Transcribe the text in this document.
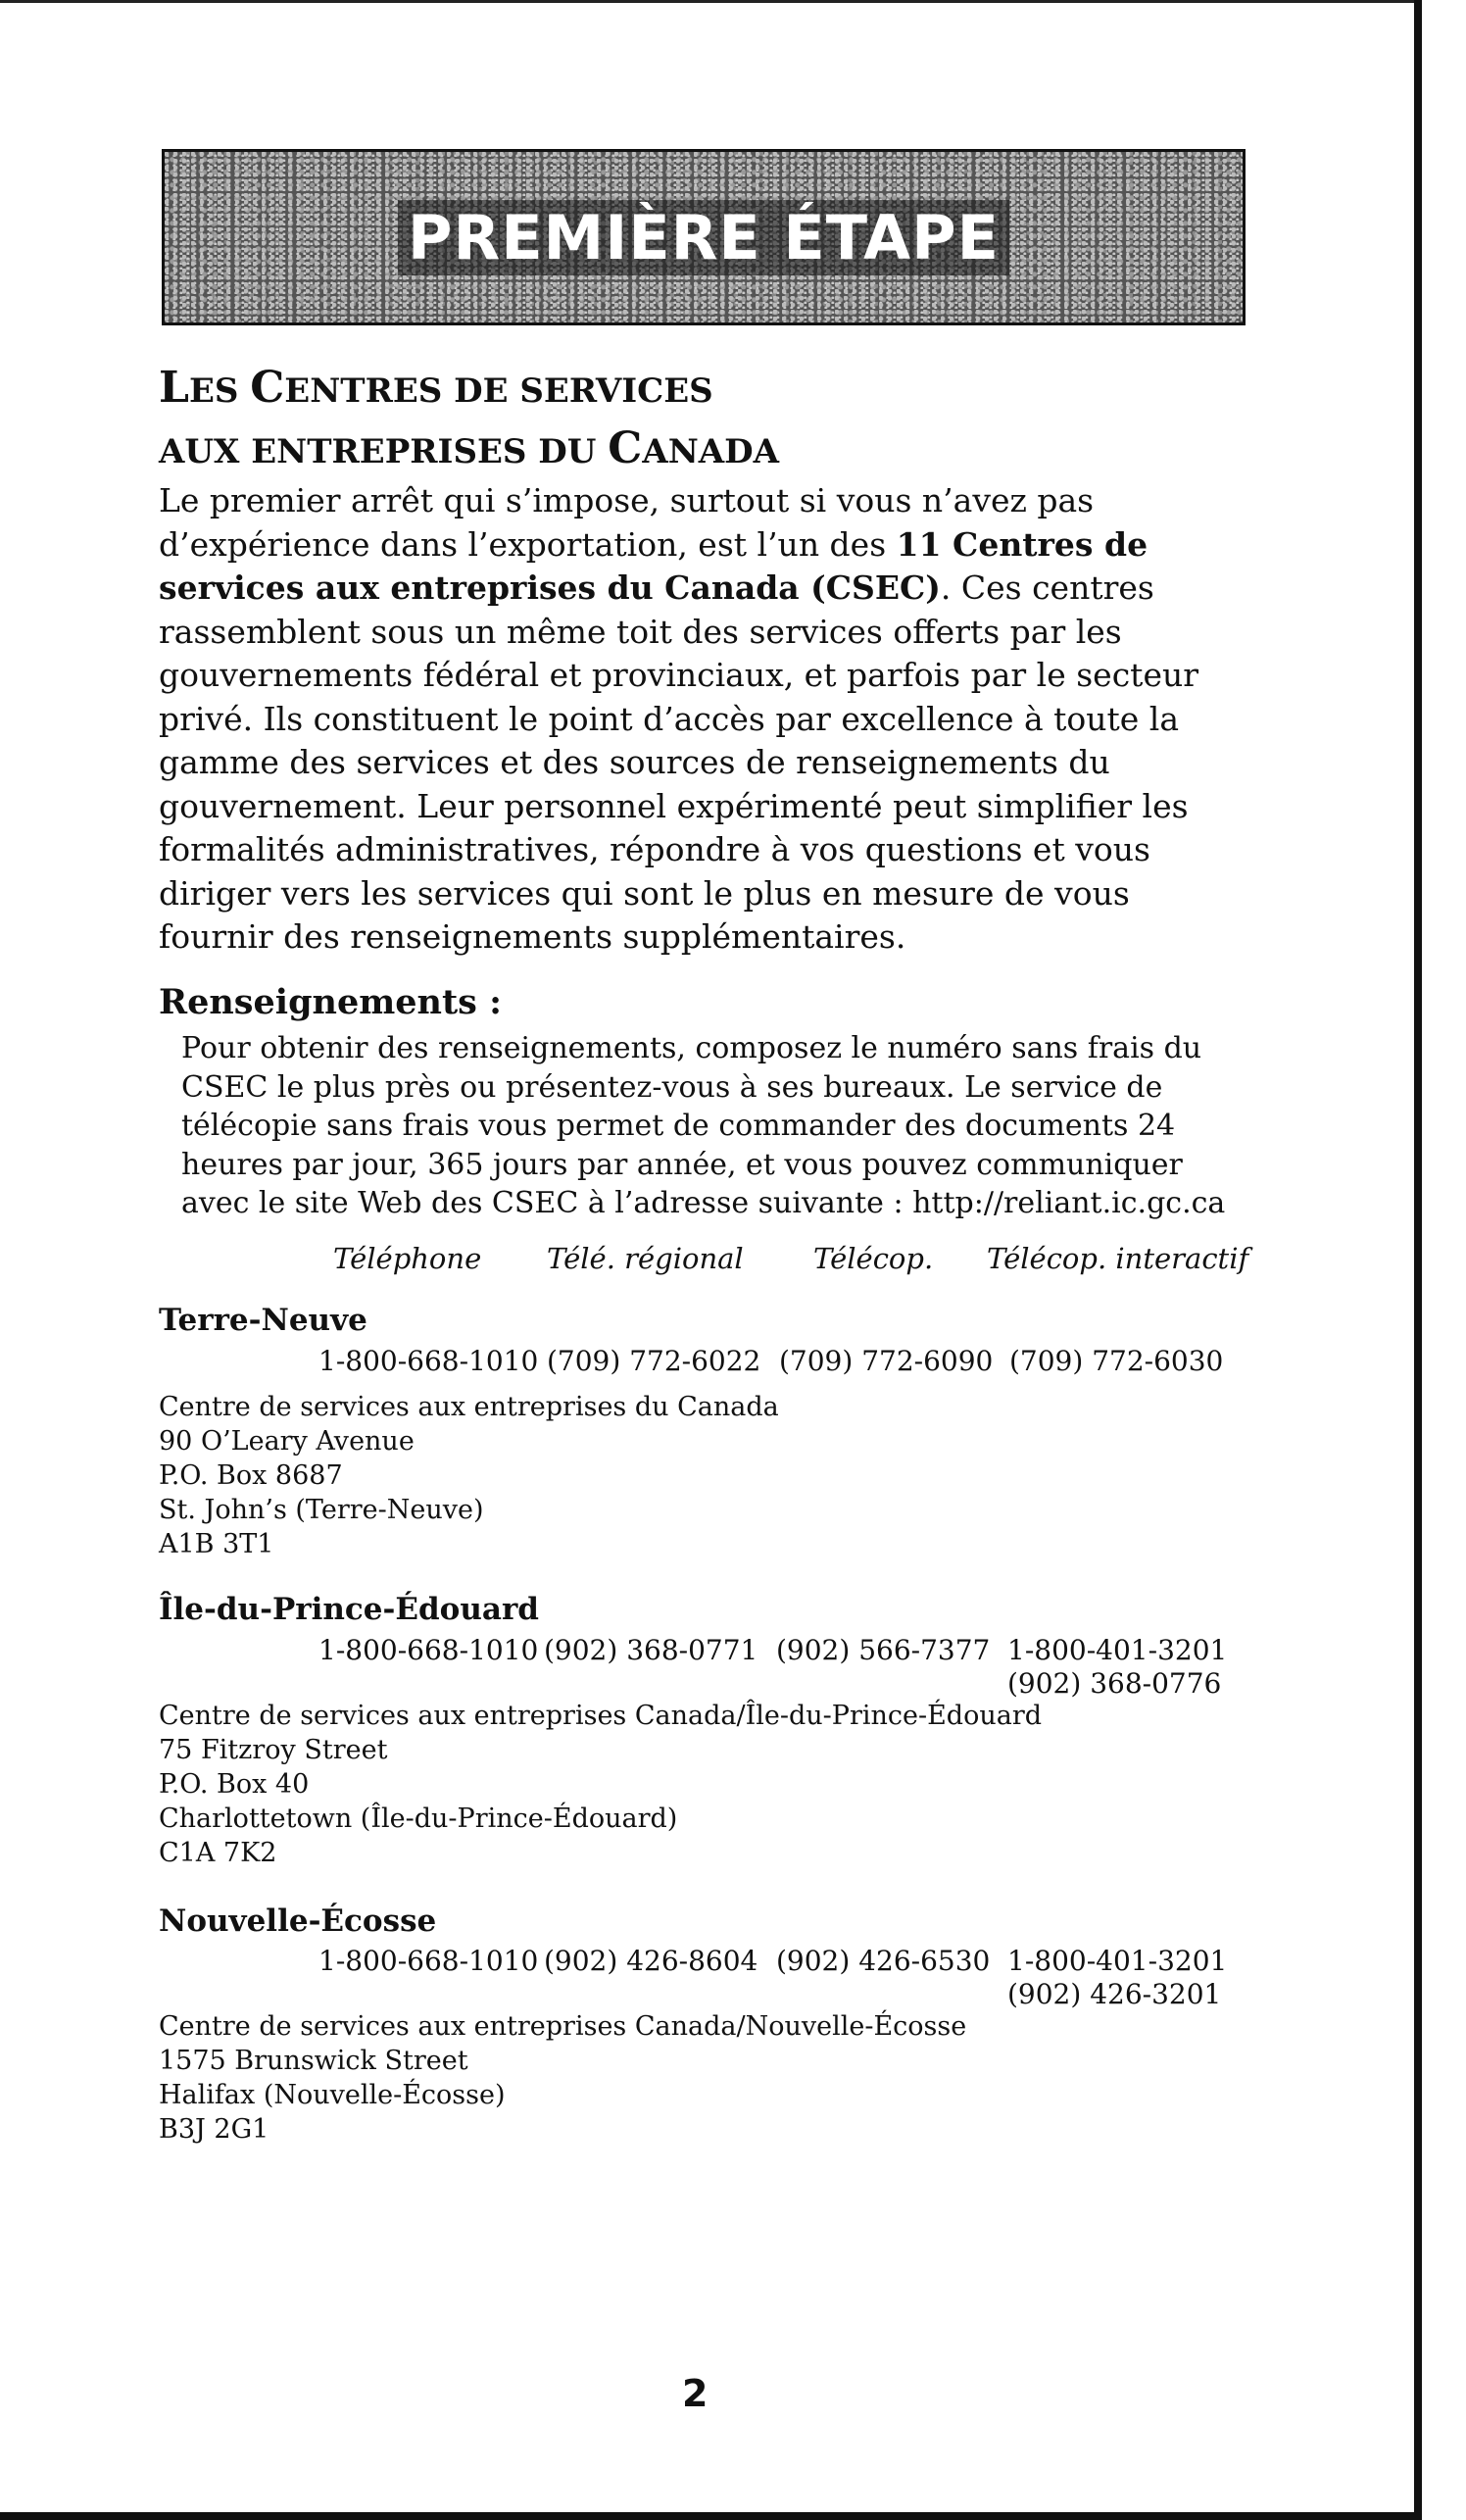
PREMIÈRE ÉTAPE
LES CENTRES DE SERVICES
AUX ENTREPRISES DU CANADA

Le premier arrêt qui s’impose, surtout si vous n’avez pas d’expérience dans l’exportation, est l’un des 11 Centres de services aux entreprises du Canada (CSEC). Ces centres rassemblent sous un même toit des services offerts par les gouvernements fédéral et provinciaux, et parfois par le secteur privé. Ils constituent le point d’accès par excellence à toute la gamme des services et des sources de renseignements du gouvernement. Leur personnel expérimenté peut simplifier les formalités administratives, répondre à vos questions et vous diriger vers les services qui sont le plus en mesure de vous fournir des renseignements supplémentaires.

Renseignements :

Pour obtenir des renseignements, composez le numéro sans frais du CSEC le plus près ou présentez-vous à ses bureaux. Le service de télécopie sans frais vous permet de commander des documents 24 heures par jour, 365 jours par année, et vous pouvez communiquer avec le site Web des CSEC à l’adresse suivante : http://reliant.ic.gc.ca

Téléphone Télé. régional Télécop. Télécop. interactif
Terre-Neuve
1-800-668-1010 (709) 772-6022 (709) 772-6090 (709) 772-6030
Centre de services aux entreprises du Canada
90 O’Leary Avenue
P.O. Box 8687
St. John’s (Terre-Neuve)
A1B 3T1
Île-du-Prince-Édouard
1-800-668-1010 (902) 368-0771 (902) 566-7377 1-800-401-3201
(902) 368-0776
Centre de services aux entreprises Canada/Île-du-Prince-Édouard
75 Fitzroy Street
P.O. Box 40
Charlottetown (Île-du-Prince-Édouard)
C1A 7K2
Nouvelle-Écosse
1-800-668-1010 (902) 426-8604 (902) 426-6530 1-800-401-3201
(902) 426-3201
Centre de services aux entreprises Canada/Nouvelle-Écosse
1575 Brunswick Street
Halifax (Nouvelle-Écosse)
B3J 2G1
2
